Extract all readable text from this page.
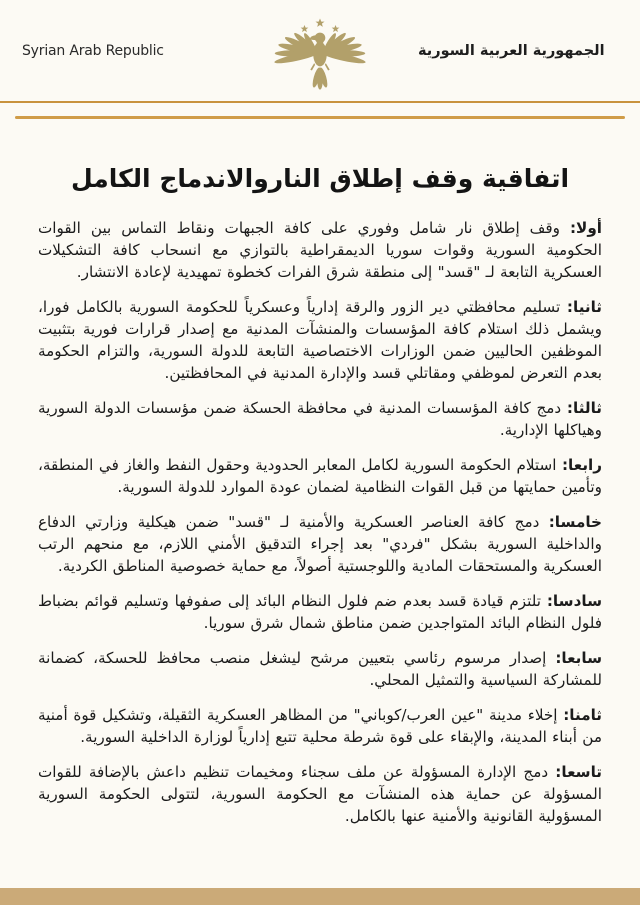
Syrian Arab Republic	الجمهورية العربية السورية
اتفاقية وقف إطلاق الناروالاندماج الكامل

أولا: وقف إطلاق نار شامل وفوري على كافة الجبهات ونقاط التماس بين القوات الحكومية السورية وقوات سوريا الديمقراطية بالتوازي مع انسحاب كافة التشكيلات العسكرية التابعة لـ "قسد" إلى منطقة شرق الفرات كخطوة تمهيدية لإعادة الانتشار.

ثانيا: تسليم محافظتي دير الزور والرقة إدارياً وعسكرياً للحكومة السورية بالكامل فورا، ويشمل ذلك استلام كافة المؤسسات والمنشآت المدنية مع إصدار قرارات فورية بتثبيت الموظفين الحاليين ضمن الوزارات الاختصاصية التابعة للدولة السورية، والتزام الحكومة بعدم التعرض لموظفي ومقاتلي قسد والإدارة المدنية في المحافظتين.

ثالثا: دمج كافة المؤسسات المدنية في محافظة الحسكة ضمن مؤسسات الدولة السورية وهياكلها الإدارية.

رابعا: استلام الحكومة السورية لكامل المعابر الحدودية وحقول النفط والغاز في المنطقة، وتأمين حمايتها من قبل القوات النظامية لضمان عودة الموارد للدولة السورية.

خامسا: دمج كافة العناصر العسكرية والأمنية لـ "قسد" ضمن هيكلية وزارتي الدفاع والداخلية السورية بشكل "فردي" بعد إجراء التدقيق الأمني اللازم، مع منحهم الرتب العسكرية والمستحقات المادية واللوجستية أصولاً، مع حماية خصوصية المناطق الكردية.

سادسا: تلتزم قيادة قسد بعدم ضم فلول النظام البائد إلى صفوفها وتسليم قوائم بضباط فلول النظام البائد المتواجدين ضمن مناطق شمال شرق سوريا.

سابعا: إصدار مرسوم رئاسي بتعيين مرشح ليشغل منصب محافظ للحسكة، كضمانة للمشاركة السياسية والتمثيل المحلي.

ثامنا: إخلاء مدينة "عين العرب/كوباني" من المظاهر العسكرية الثقيلة، وتشكيل قوة أمنية من أبناء المدينة، والإبقاء على قوة شرطة محلية تتبع إدارياً لوزارة الداخلية السورية.

تاسعا: دمج الإدارة المسؤولة عن ملف سجناء ومخيمات تنظيم داعش بالإضافة للقوات المسؤولة عن حماية هذه المنشآت مع الحكومة السورية، لتتولى الحكومة السورية المسؤولية القانونية والأمنية عنها بالكامل.
